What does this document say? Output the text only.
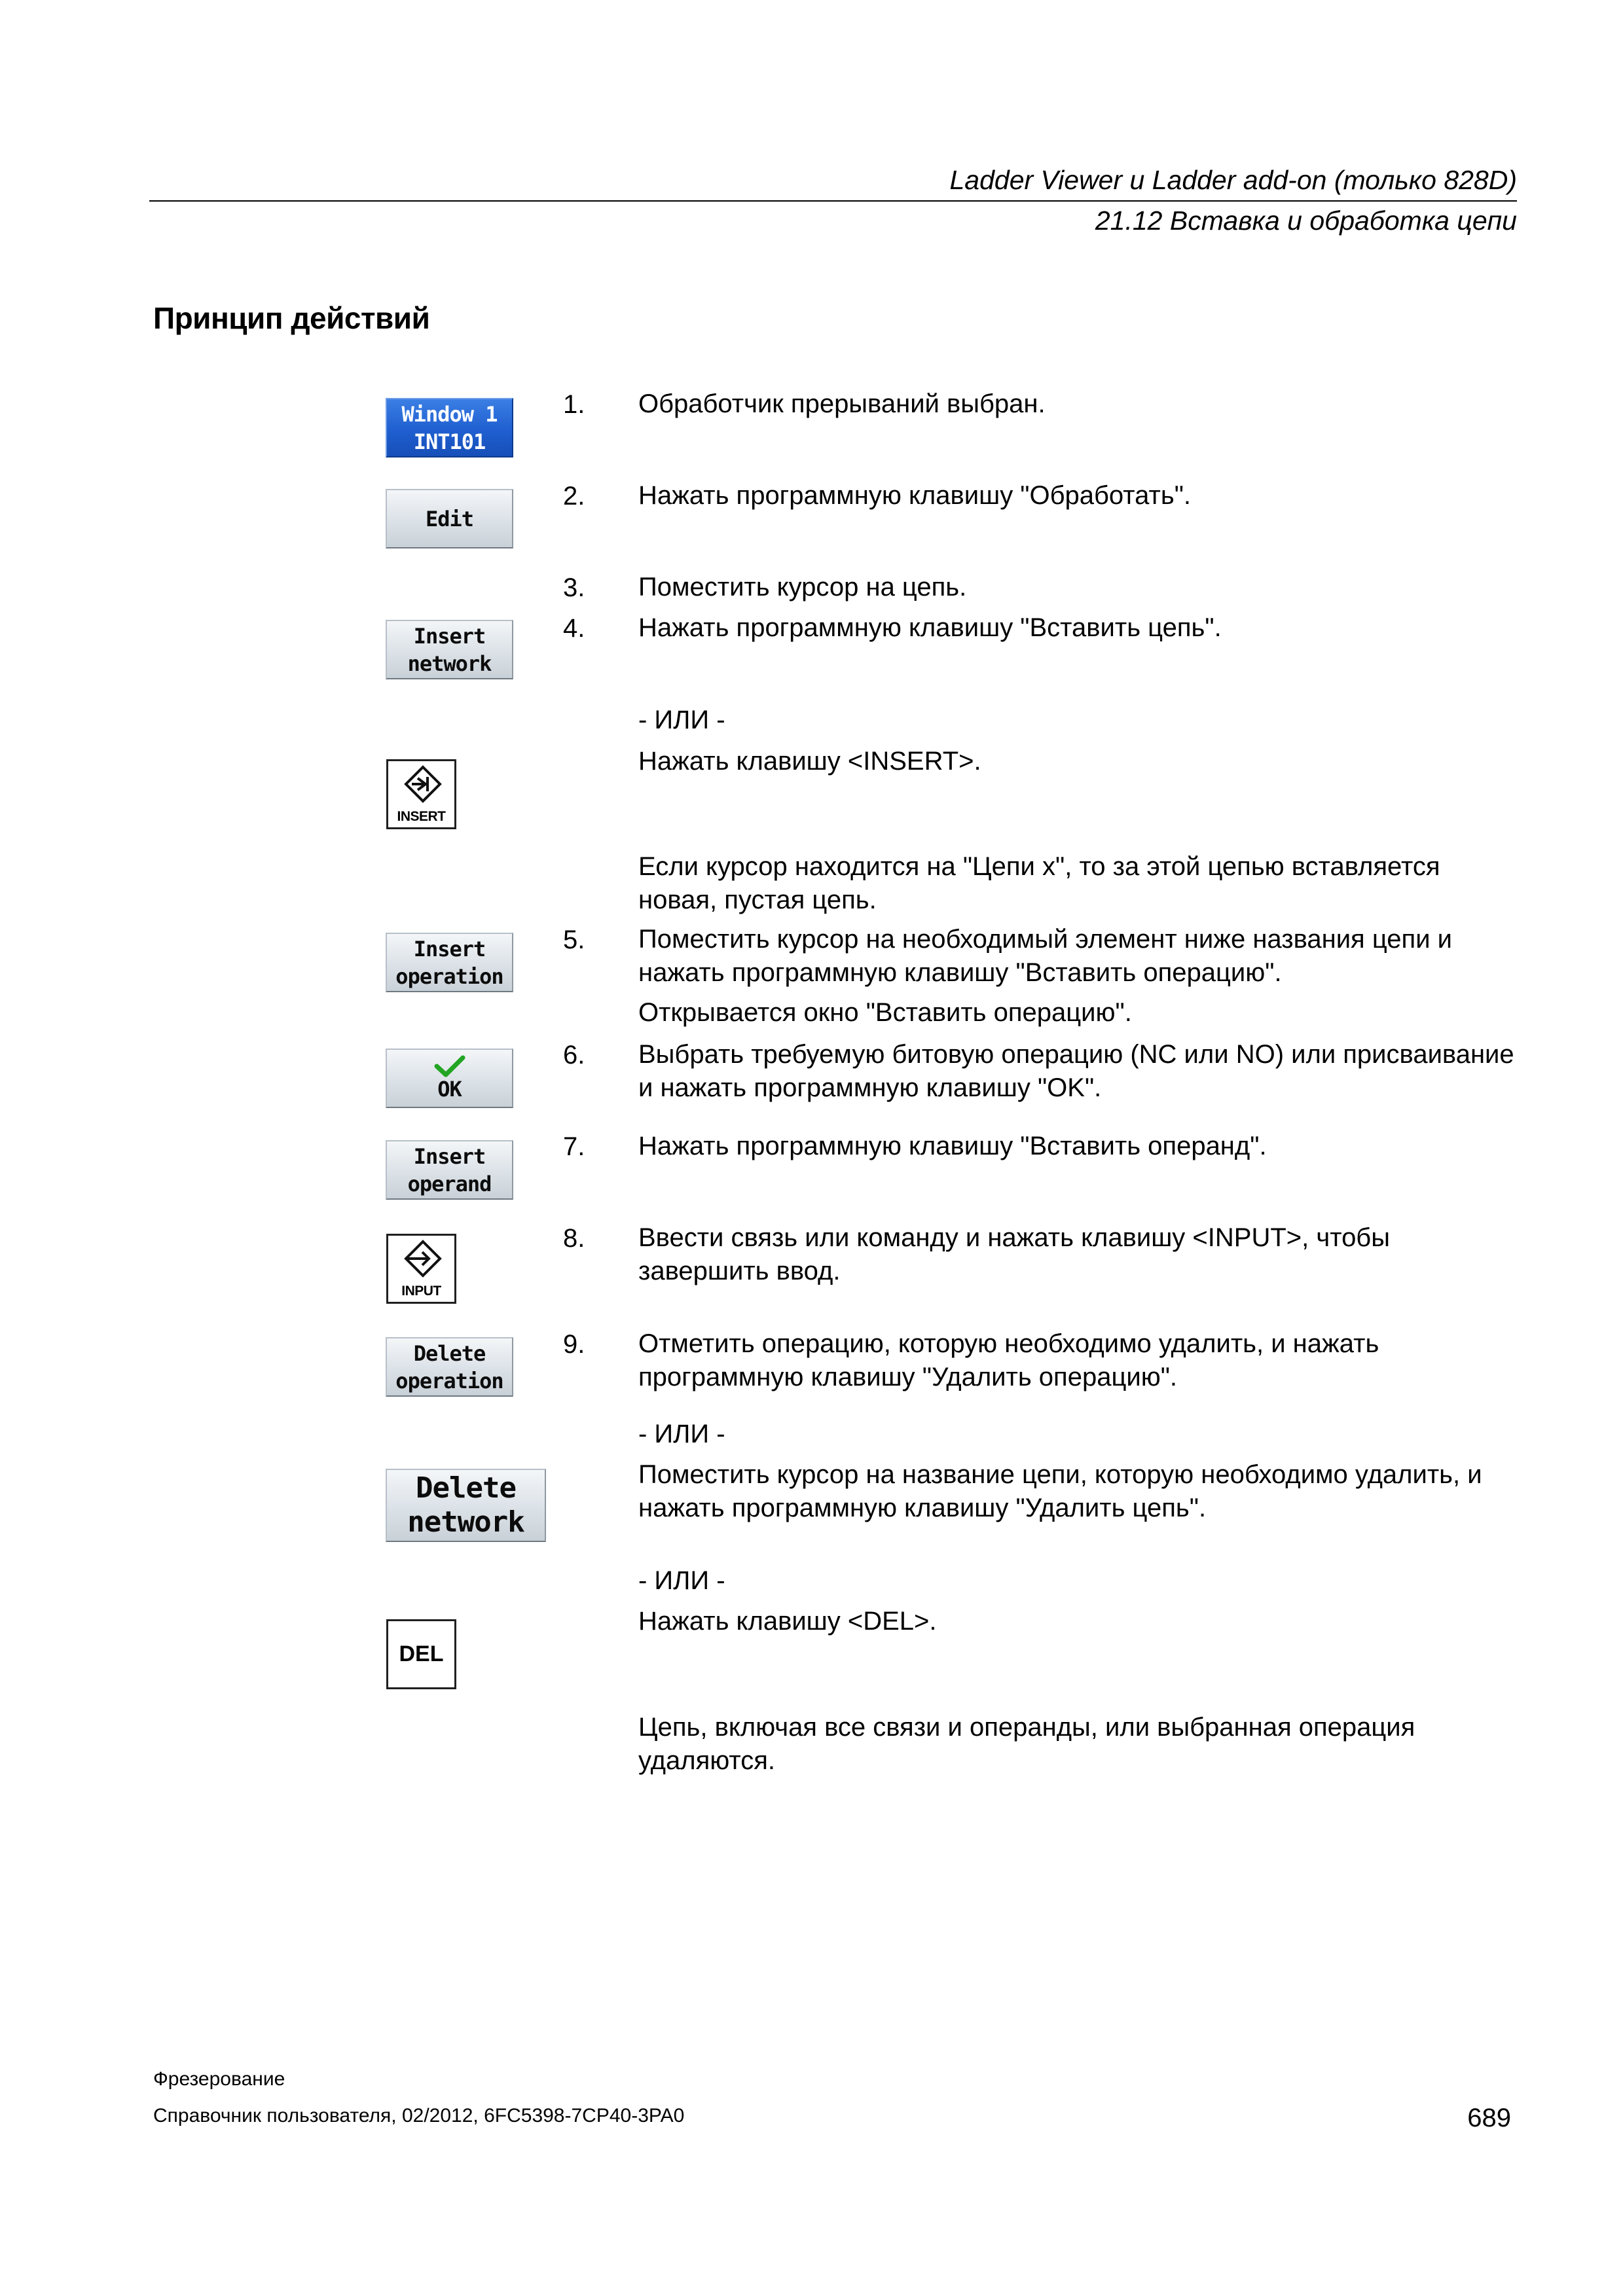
Ladder Viewer и Ladder add-on (только 828D)
21.12 Вставка и обработка цепи
Принцип действий
Window 1
INT101
Edit
Insert
network
INSERT
Insert
operation
OK
Insert
operand
INPUT
Delete
operation
Delete
network
DEL
1.
2.
3.
4.
5.
6.
7.
8.
9.
Обработчик прерываний выбран.
Нажать программную клавишу "Обработать".
Поместить курсор на цепь.
Нажать программную клавишу "Вставить цепь".
- ИЛИ -
Нажать клавишу <INSERT>.
Если курсор находится на "Цепи x", то за этой цепью вставляется новая, пустая цепь.
Поместить курсор на необходимый элемент ниже названия цепи и нажать программную клавишу "Вставить операцию".
Открывается окно "Вставить операцию".
Выбрать требуемую битовую операцию (NC или NO) или присваивание и нажать программную клавишу "OK".
Нажать программную клавишу "Вставить операнд".
Ввести связь или команду и нажать клавишу <INPUT>, чтобы завершить ввод.
Отметить операцию, которую необходимо удалить, и нажать программную клавишу "Удалить операцию".
- ИЛИ -
Поместить курсор на название цепи, которую необходимо удалить, и нажать программную клавишу "Удалить цепь".
- ИЛИ -
Нажать клавишу <DEL>.
Цепь, включая все связи и операнды, или выбранная операция удаляются.
Фрезерование
Справочник пользователя, 02/2012, 6FC5398-7CP40-3PA0	689
